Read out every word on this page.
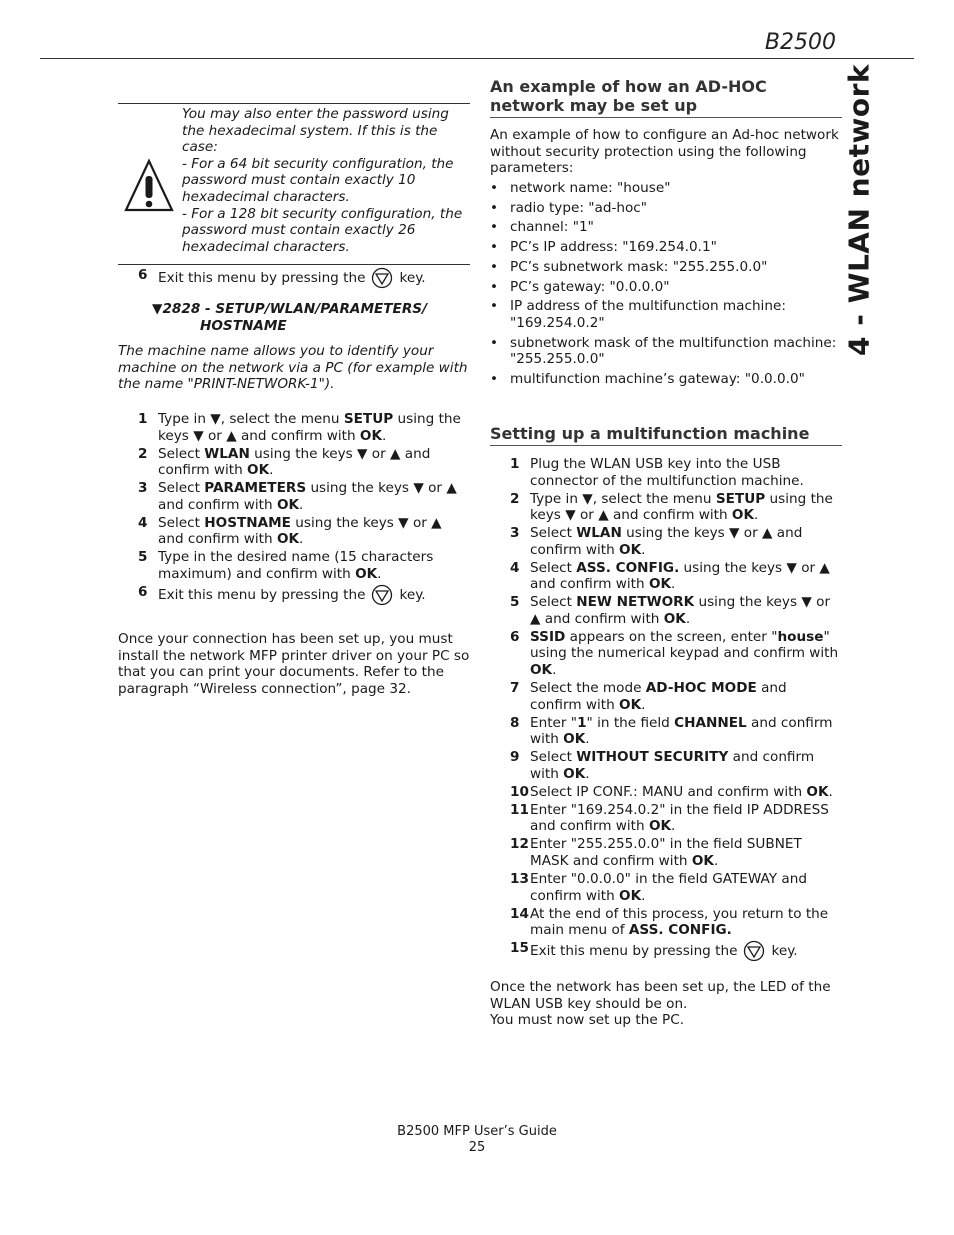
B2500
4 - WLAN network
You may also enter the password using the hexadecimal system. If this is the case:
- For a 64 bit security configuration, the password must contain exactly 10 hexadecimal characters.
- For a 128 bit security configuration, the password must contain exactly 26 hexadecimal characters.
6 Exit this menu by pressing the	key.
▼2828 - SETUP/WLAN/PARAMETERS/
HOSTNAME
The machine name allows you to identify your machine on the network via a PC (for example with the name "PRINT-NETWORK-1").
1 Type in ▼, select the menu SETUP using the keys ▼ or ▲ and confirm with OK.
2 Select WLAN using the keys ▼ or ▲ and confirm with OK.
3 Select PARAMETERS using the keys ▼ or ▲ and confirm with OK.
4 Select HOSTNAME using the keys ▼ or ▲ and confirm with OK.
5 Type in the desired name (15 characters maximum) and confirm with OK.
6 Exit this menu by pressing the	key.
Once your connection has been set up, you must install the network MFP printer driver on your PC so that you can print your documents. Refer to the paragraph “Wireless connection”, page 32.
An example of how an AD-HOC network may be set up
An example of how to configure an Ad-hoc network without security protection using the following parameters:
• network name: "house"
• radio type: "ad-hoc"
• channel: "1"
• PC’s IP address: "169.254.0.1"
• PC’s subnetwork mask: "255.255.0.0"
• PC’s gateway: "0.0.0.0"
• IP address of the multifunction machine: "169.254.0.2"
• subnetwork mask of the multifunction machine: "255.255.0.0"
• multifunction machine’s gateway: "0.0.0.0"
Setting up a multifunction machine
1 Plug the WLAN USB key into the USB connector of the multifunction machine.
2 Type in ▼, select the menu SETUP using the keys ▼ or ▲ and confirm with OK.
3 Select WLAN using the keys ▼ or ▲ and confirm with OK.
4 Select ASS. CONFIG. using the keys ▼ or ▲ and confirm with OK.
5 Select NEW NETWORK using the keys ▼ or ▲ and confirm with OK.
6 SSID appears on the screen, enter "house" using the numerical keypad and confirm with OK.
7 Select the mode AD-HOC MODE and confirm with OK.
8 Enter "1" in the field CHANNEL and confirm with OK.
9 Select WITHOUT SECURITY and confirm with OK.
10 Select IP CONF.: MANU and confirm with OK.
11 Enter "169.254.0.2" in the field IP ADDRESS and confirm with OK.
12 Enter "255.255.0.0" in the field SUBNET MASK and confirm with OK.
13 Enter "0.0.0.0" in the field GATEWAY and confirm with OK.
14 At the end of this process, you return to the main menu of ASS. CONFIG.
15 Exit this menu by pressing the	key.
Once the network has been set up, the LED of the WLAN USB key should be on.
You must now set up the PC.
B2500 MFP User’s Guide
25
